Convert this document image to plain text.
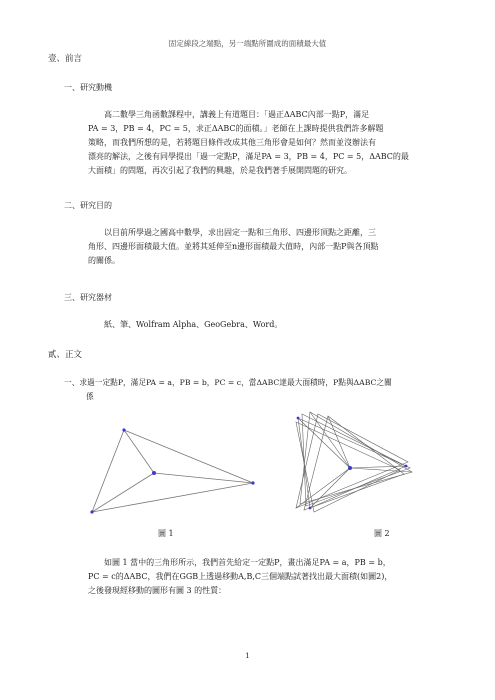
固定線段之端點，另一端點所圍成的面積最大值
壹、前言
一、研究動機
高二數學三角函數課程中，講義上有道題目：「過正ΔABC內部一點P，滿足
PA = 3，PB = 4，PC = 5，求正ΔABC的面積。」老師在上課時提供我們許多解題
策略，而我們所想的是，若將題目條件改成其他三角形會是如何？然而並沒辦法有
漂亮的解法，之後有同學提出「過一定點P，滿足PA = 3，PB = 4，PC = 5，ΔABC的最
大面積」的問題，再次引起了我們的興趣，於是我們著手展開問題的研究。
二、研究目的
以目前所學過之國高中數學，求出固定一點和三角形、四邊形頂點之距離，三
角形、四邊形面積最大值。並將其延伸至n邊形面積最大值時，內部一點P與各頂點
的關係。
三、研究器材
紙、筆、Wolfram Alpha、GeoGebra、Word。
貳、正文
一、求過一定點P，滿足PA = a，PB = b，PC = c，當ΔABC達最大面積時，P點與ΔABC之關
係
圖 1	圖 2
如圖 1 當中的三角形所示，我們首先給定一定點P，畫出滿足PA = a，PB = b，
PC = c的ΔABC，我們在GGB上透過移動A,B,C三個端點試著找出最大面積(如圖2)，
之後發現經移動的圖形有圖 3 的性質：
1
